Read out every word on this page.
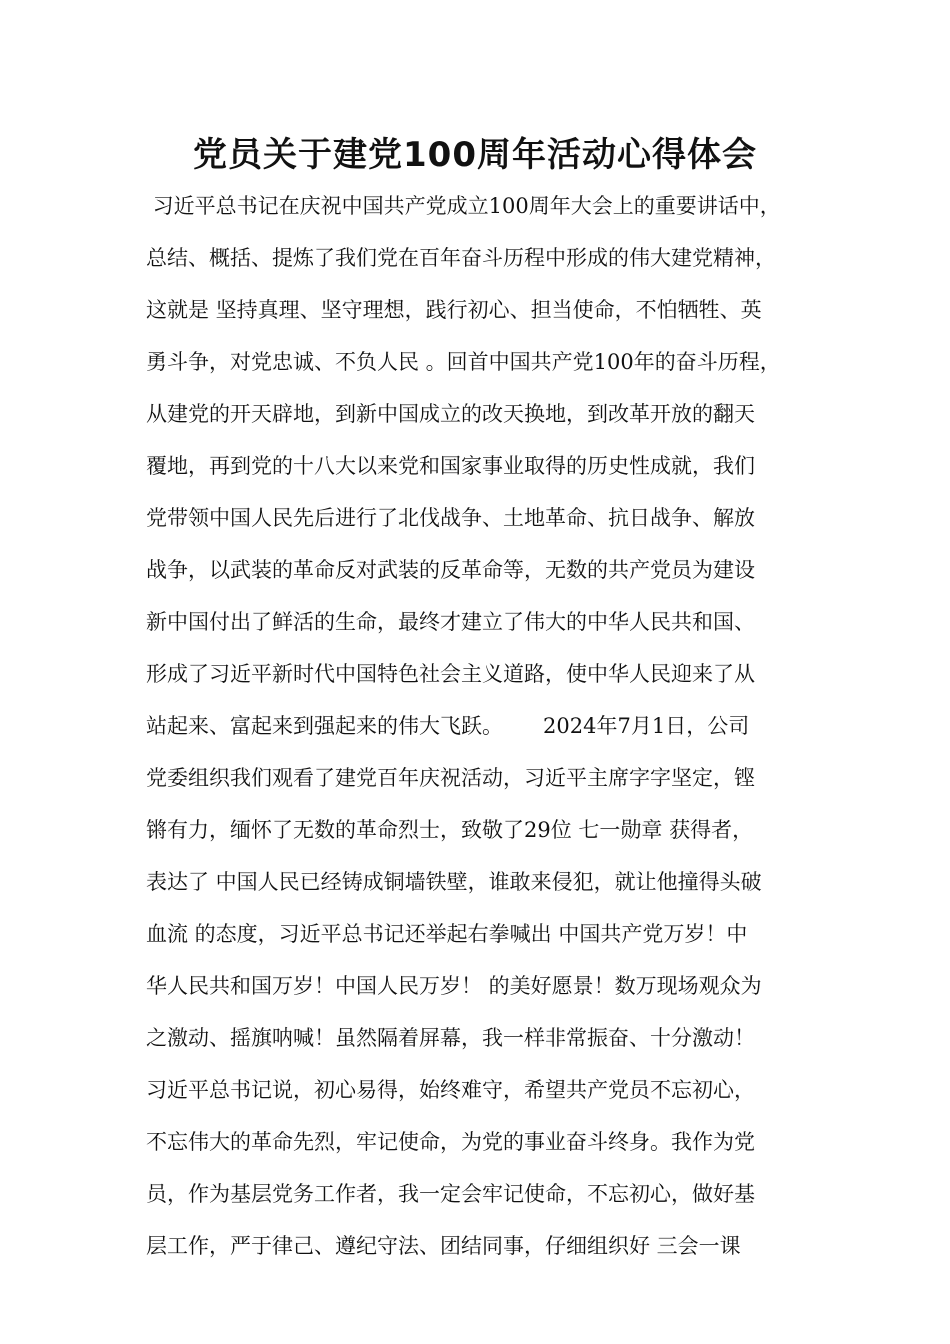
党员关于建党100周年活动心得体会
习近平总书记在庆祝中国共产党成立100周年大会上的重要讲话中，
总结、概括、提炼了我们党在百年奋斗历程中形成的伟大建党精神，
这就是 坚持真理、坚守理想，践行初心、担当使命，不怕牺牲、英
勇斗争，对党忠诚、不负人民 。回首中国共产党100年的奋斗历程，
从建党的开天辟地，到新中国成立的改天换地，到改革开放的翻天
覆地，再到党的十八大以来党和国家事业取得的历史性成就，我们
党带领中国人民先后进行了北伐战争、土地革命、抗日战争、解放
战争，以武装的革命反对武装的反革命等，无数的共产党员为建设
新中国付出了鲜活的生命，最终才建立了伟大的中华人民共和国、
形成了习近平新时代中国特色社会主义道路，使中华人民迎来了从
站起来、富起来到强起来的伟大飞跃。      2024年7月1日，公司
党委组织我们观看了建党百年庆祝活动，习近平主席字字坚定，铿
锵有力，缅怀了无数的革命烈士，致敬了29位 七一勋章 获得者，
表达了 中国人民已经铸成铜墙铁壁，谁敢来侵犯，就让他撞得头破
血流 的态度，习近平总书记还举起右拳喊出 中国共产党万岁！中
华人民共和国万岁！中国人民万岁！ 的美好愿景！数万现场观众为
之激动、摇旗呐喊！虽然隔着屏幕，我一样非常振奋、十分激动！
习近平总书记说，初心易得，始终难守，希望共产党员不忘初心，
不忘伟大的革命先烈，牢记使命，为党的事业奋斗终身。我作为党
员，作为基层党务工作者，我一定会牢记使命，不忘初心，做好基
层工作，严于律己、遵纪守法、团结同事，仔细组织好 三会一课
